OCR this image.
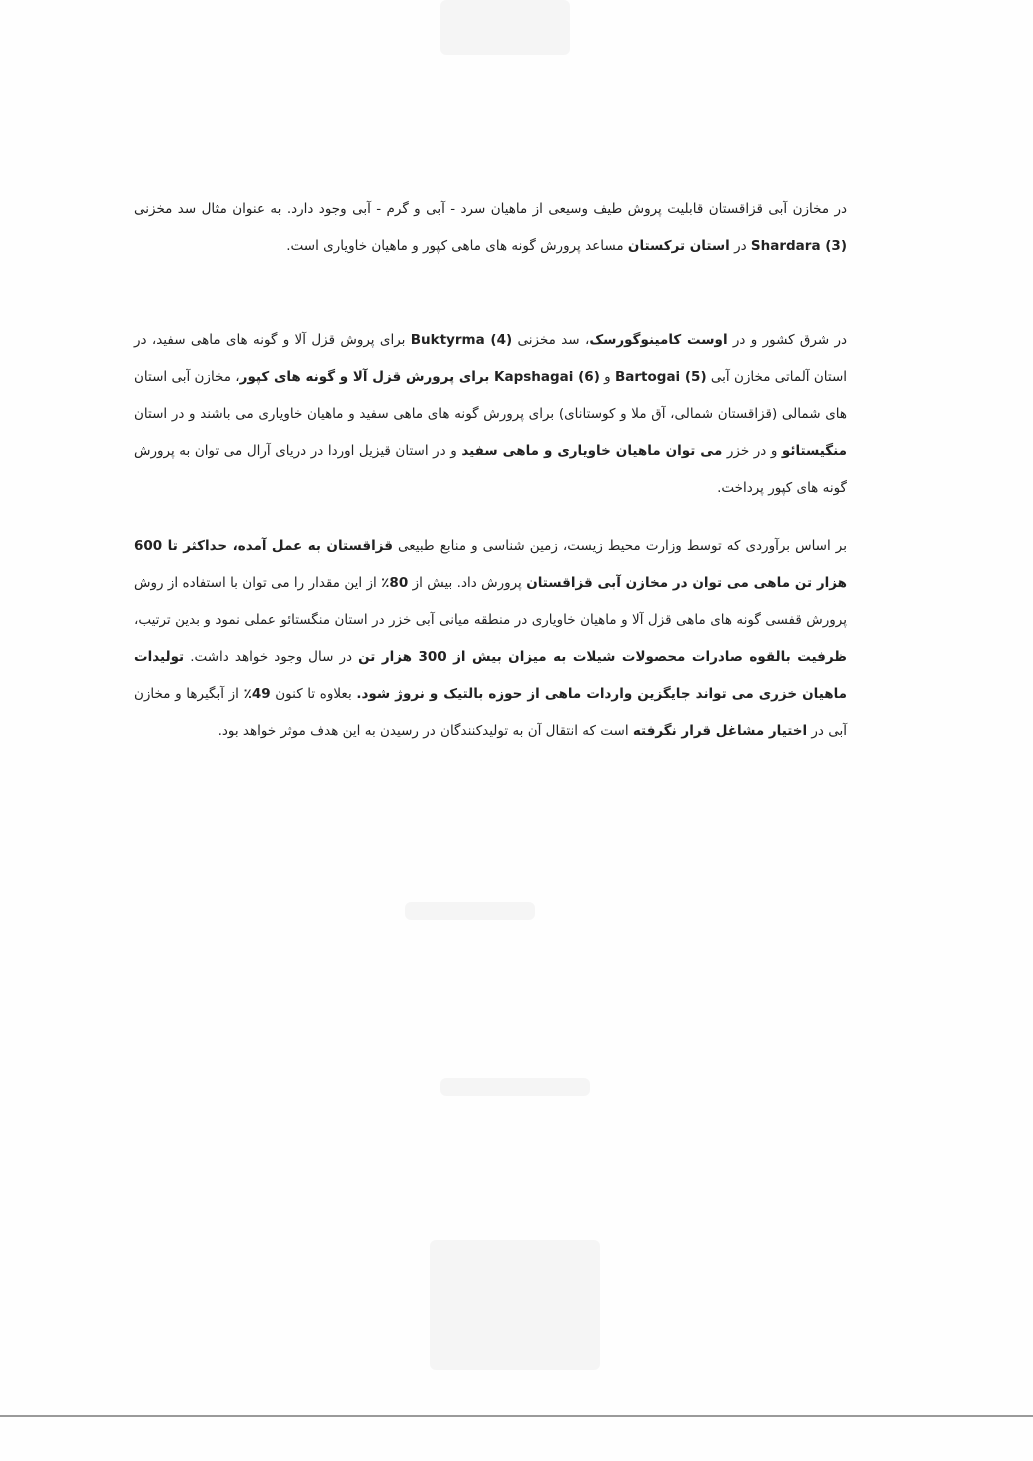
در مخازن آبی قزاقستان قابلیت پروش طیف وسیعی از ماهیان سرد - آبی و گرم - آبی وجود دارد. به عنوان مثال سد مخزنی Shardara (3) در استان ترکستان مساعد پرورش گونه های ماهی کپور و ماهیان خاویاری است.

در شرق کشور و در اوست کامینوگورسک، سد مخزنی Buktyrma (4) برای پروش قزل آلا و گونه های ماهی سفید، در استان آلماتی مخازن آبی Bartogai (5) و Kapshagai (6) برای پرورش قزل آلا و گونه های کپور، مخازن آبی استان های شمالی (قزاقستان شمالی، آق ملا و کوستانای) برای پرورش گونه های ماهی سفید و ماهیان خاویاری می باشند و در استان منگیستائو و در خزر می توان ماهیان خاویاری و ماهی سفید و در استان قیزیل اوردا در دریای آرال می توان به پرورش گونه های کپور پرداخت.

بر اساس برآوردی که توسط وزارت محیط زیست، زمین شناسی و منابع طبیعی قزاقستان به عمل آمده، حداکثر تا 600 هزار تن ماهی می توان در مخازن آبی قزاقستان پرورش داد. بیش از 80٪ از این مقدار را می توان با استفاده از روش پرورش قفسی گونه های ماهی قزل آلا و ماهیان خاویاری در منطقه میانی آبی خزر در استان منگستائو عملی نمود و بدین ترتیب، ظرفیت بالقوه صادرات محصولات شیلات به میزان بیش از 300 هزار تن در سال وجود خواهد داشت. تولیدات ماهیان خزری می تواند جایگزین واردات ماهی از حوزه بالتیک و نروژ شود. بعلاوه تا کنون 49٪ از آبگیرها و مخازن آبی در اختیار مشاغل قرار نگرفته است که انتقال آن به تولیدکنندگان در رسیدن به این هدف موثر خواهد بود.
